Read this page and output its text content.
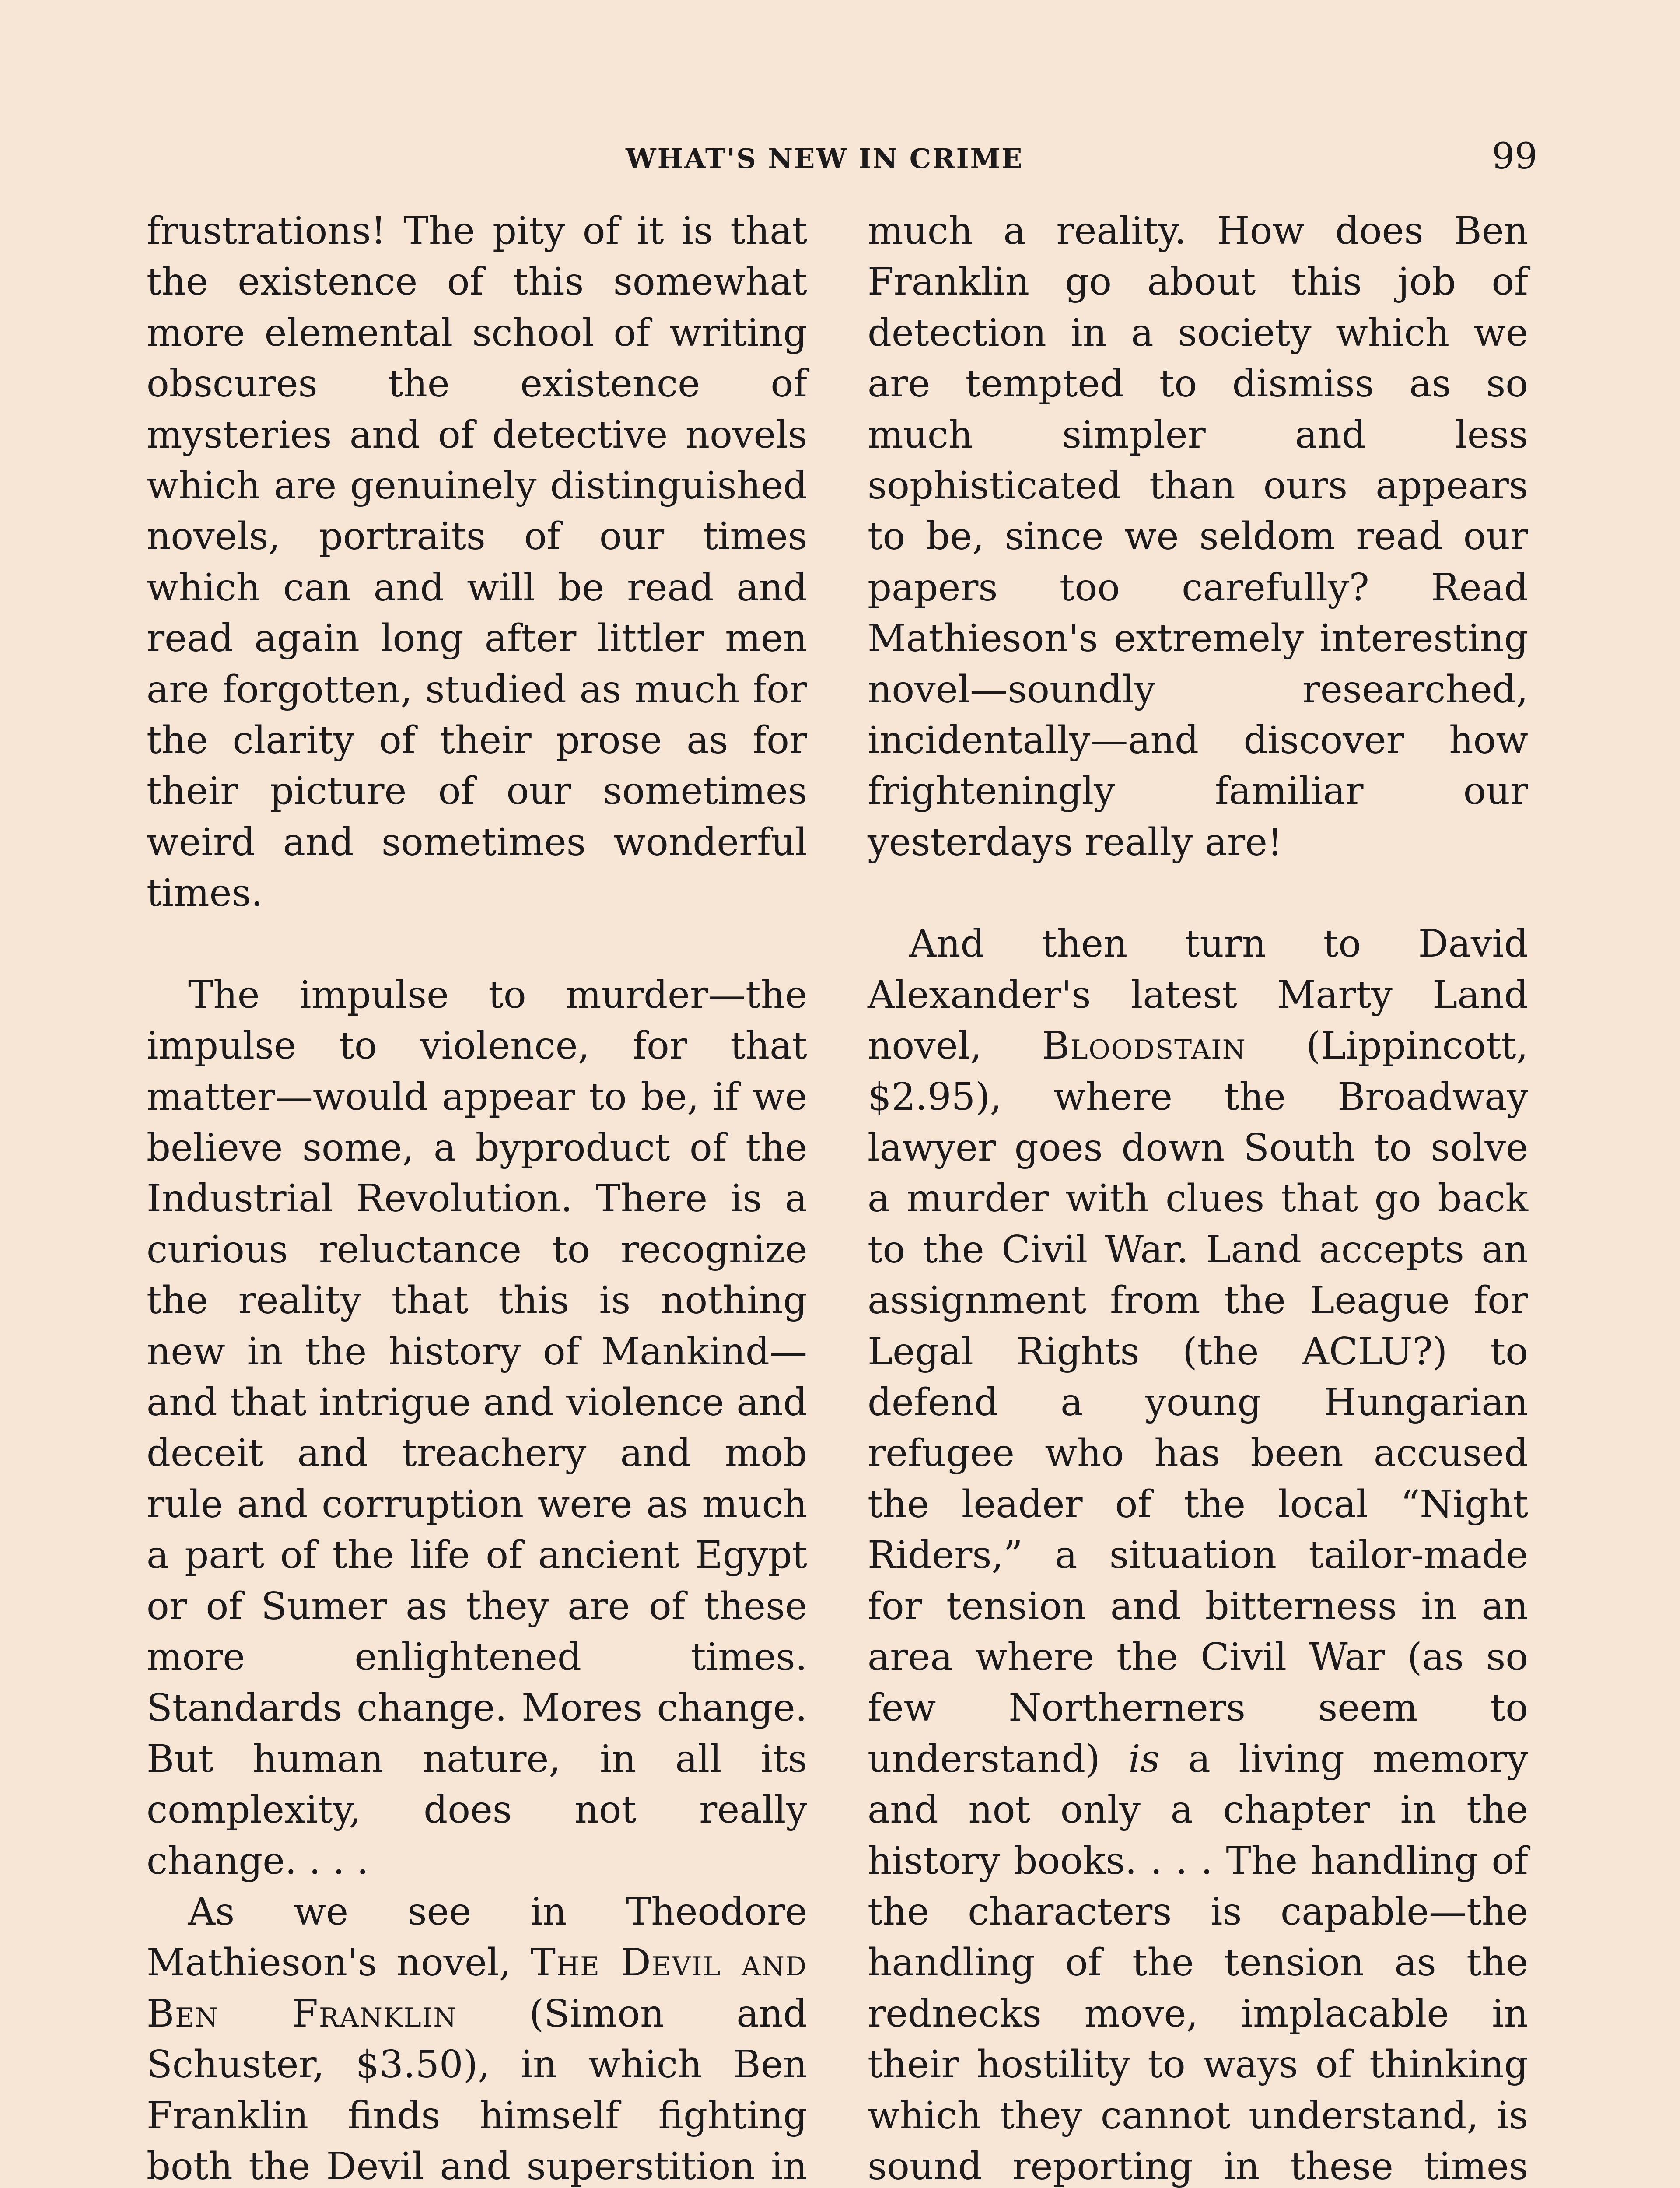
WHAT'S NEW IN CRIME	99

frustrations! The pity of it is that the existence of this somewhat more elemental school of writing obscures the existence of mysteries and of detective novels which are genuinely distinguished novels, portraits of our times which can and will be read and read again long after littler men are forgotten, studied as much for the clarity of their prose as for their picture of our sometimes weird and sometimes wonderful times.

The impulse to murder—the impulse to violence, for that matter—would appear to be, if we believe some, a byproduct of the Industrial Revolution. There is a curious reluctance to recognize the reality that this is nothing new in the history of Mankind—and that intrigue and violence and deceit and treachery and mob rule and corruption were as much a part of the life of ancient Egypt or of Sumer as they are of these more enlightened times. Standards change. Mores change. But human nature, in all its complexity, does not really change. . . .

As we see in Theodore Mathieson's novel, The Devil and Ben Franklin (Simon and Schuster, $3.50), in which Ben Franklin finds himself fighting both the Devil and superstition in

much a reality. How does Ben Franklin go about this job of detection in a society which we are tempted to dismiss as so much simpler and less sophisticated than ours appears to be, since we seldom read our papers too carefully? Read Mathieson's extremely interesting novel—soundly researched, incidentally—and discover how frighteningly familiar our yesterdays really are!

And then turn to David Alexander's latest Marty Land novel, Bloodstain (Lippincott, $2.95), where the Broadway lawyer goes down South to solve a murder with clues that go back to the Civil War. Land accepts an assignment from the League for Legal Rights (the ACLU?) to defend a young Hungarian refugee who has been accused the leader of the local “Night Riders,” a situation tailor-made for tension and bitterness in an area where the Civil War (as so few Northerners seem to understand) is a living memory and not only a chapter in the history books. . . . The handling of the characters is capable—the handling of the tension as the rednecks move, implacable in their hostility to ways of thinking which they cannot understand, is sound reporting in these times
